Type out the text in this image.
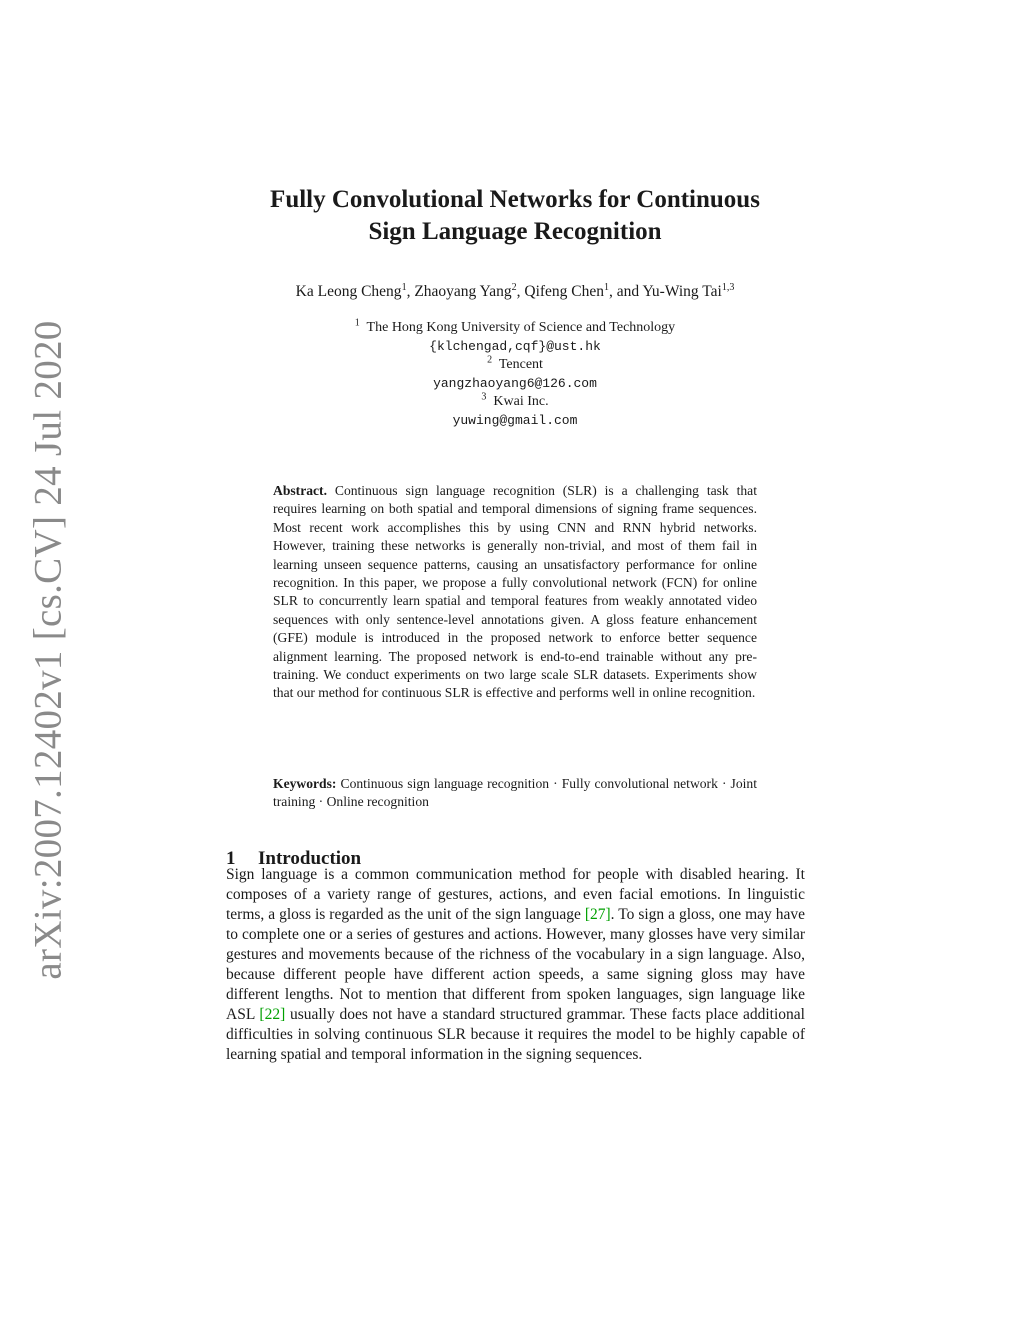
arXiv:2007.12402v1 [cs.CV] 24 Jul 2020
Fully Convolutional Networks for Continuous
Sign Language Recognition
Ka Leong Cheng$^1$, Zhaoyang Yang$^2$, Qifeng Chen$^1$, and Yu-Wing Tai$^{1,3}$
$^1$ The Hong Kong University of Science and Technology
{klchengad,cqf}@ust.hk
$^2$ Tencent
yangzhaoyang6@126.com
$^3$ Kwai Inc.
yuwing@gmail.com

Abstract. Continuous sign language recognition (SLR) is a challenging task that requires learning on both spatial and temporal dimensions of signing frame sequences. Most recent work accomplishes this by using CNN and RNN hybrid networks. However, training these networks is generally non-trivial, and most of them fail in learning unseen sequence patterns, causing an unsatisfactory performance for online recognition. In this paper, we propose a fully convolutional network (FCN) for online SLR to concurrently learn spatial and temporal features from weakly annotated video sequences with only sentence-level annotations given. A gloss feature enhancement (GFE) module is introduced in the proposed network to enforce better sequence alignment learning. The proposed network is end-to-end trainable without any pre-training. We conduct experiments on two large scale SLR datasets. Experiments show that our method for continuous SLR is effective and performs well in online recognition.

Keywords: Continuous sign language recognition · Fully convolutional network · Joint training · Online recognition

1 Introduction

Sign language is a common communication method for people with disabled hearing. It composes of a variety range of gestures, actions, and even facial emotions. In linguistic terms, a gloss is regarded as the unit of the sign language [27]. To sign a gloss, one may have to complete one or a series of gestures and actions. However, many glosses have very similar gestures and movements because of the richness of the vocabulary in a sign language. Also, because different people have different action speeds, a same signing gloss may have different lengths. Not to mention that different from spoken languages, sign language like ASL [22] usually does not have a standard structured grammar. These facts place additional difficulties in solving continuous SLR because it requires the model to be highly capable of learning spatial and temporal information in the signing sequences.
